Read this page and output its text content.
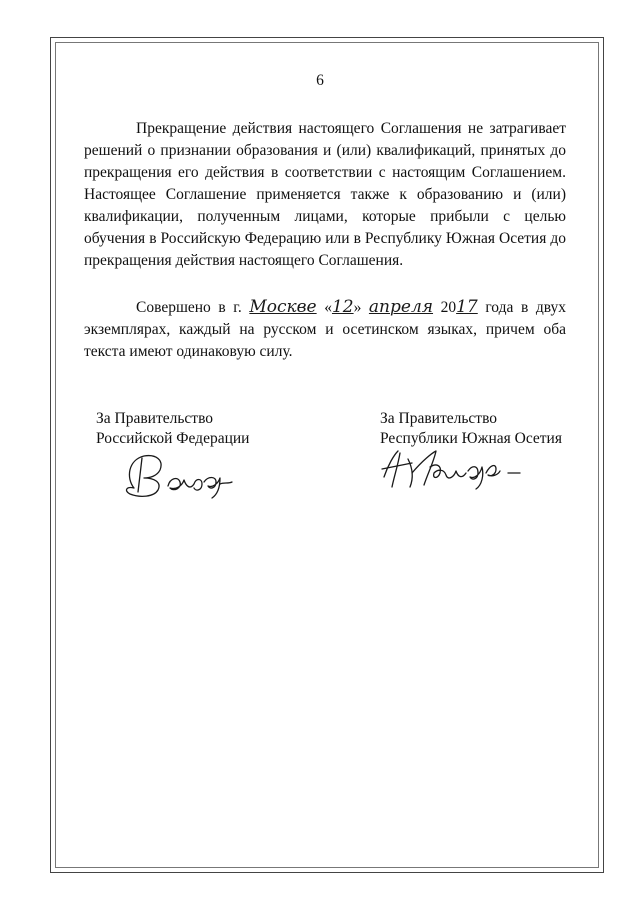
6

Прекращение действия настоящего Соглашения не затрагивает решений о признании образования и (или) квалификаций, принятых до прекращения его действия в соответствии с настоящим Соглашением. Настоящее Соглашение применяется также к образованию и (или) квалификации, полученным лицами, которые прибыли с целью обучения в Российскую Федерацию или в Республику Южная Осетия до прекращения действия настоящего Соглашения.

Совершено в г. Москве «12» апреля 2017 года в двух экземплярах, каждый на русском и осетинском языках, причем оба текста имеют одинаковую силу.

За Правительство
Российской Федерации
За Правительство
Республики Южная Осетия
